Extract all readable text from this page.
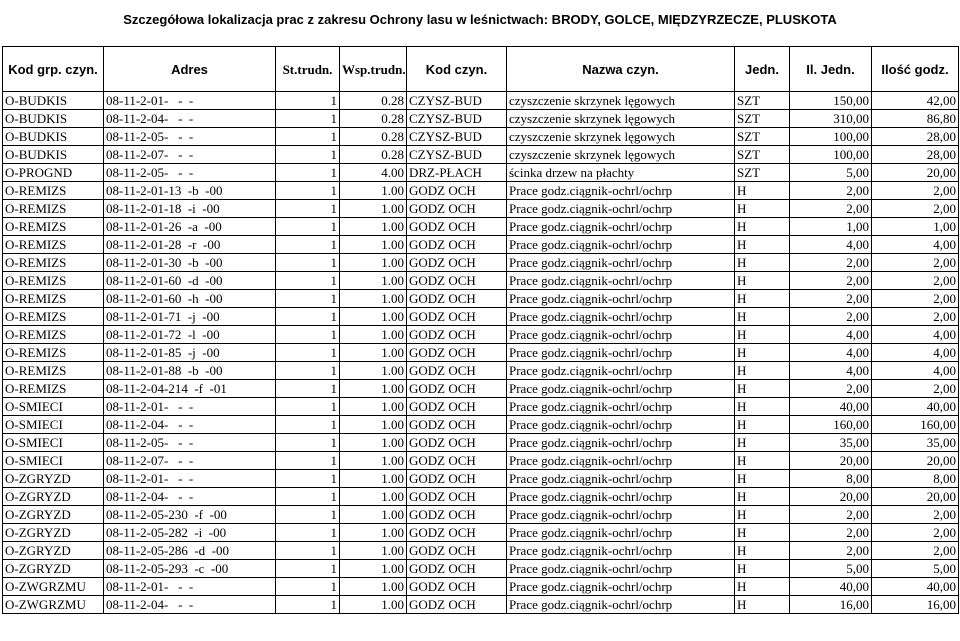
Szczegółowa lokalizacja prac z zakresu Ochrony lasu w leśnictwach: BRODY, GOLCE, MIĘDZYRZECZE, PLUSKOTA
Kod grp. czyn.	Adres	St.trudn.	Wsp.trudn.	Kod czyn.	Nazwa czyn.	Jedn.	Il. Jedn.	Ilość godz.
O-BUDKIS	08-11-2-01-   -  -	1	0.28	CZYSZ-BUD	czyszczenie skrzynek lęgowych	SZT	150,00	42,00
O-BUDKIS	08-11-2-04-   -  -	1	0.28	CZYSZ-BUD	czyszczenie skrzynek lęgowych	SZT	310,00	86,80
O-BUDKIS	08-11-2-05-   -  -	1	0.28	CZYSZ-BUD	czyszczenie skrzynek lęgowych	SZT	100,00	28,00
O-BUDKIS	08-11-2-07-   -  -	1	0.28	CZYSZ-BUD	czyszczenie skrzynek lęgowych	SZT	100,00	28,00
O-PROGND	08-11-2-05-   -  -	1	4.00	DRZ-PŁACH	ścinka drzew na płachty	SZT	5,00	20,00
O-REMIZS	08-11-2-01-13  -b  -00	1	1.00	GODZ OCH	Prace godz.ciągnik-ochrl/ochrp	H	2,00	2,00
O-REMIZS	08-11-2-01-18  -i  -00	1	1.00	GODZ OCH	Prace godz.ciągnik-ochrl/ochrp	H	2,00	2,00
O-REMIZS	08-11-2-01-26  -a  -00	1	1.00	GODZ OCH	Prace godz.ciągnik-ochrl/ochrp	H	1,00	1,00
O-REMIZS	08-11-2-01-28  -r  -00	1	1.00	GODZ OCH	Prace godz.ciągnik-ochrl/ochrp	H	4,00	4,00
O-REMIZS	08-11-2-01-30  -b  -00	1	1.00	GODZ OCH	Prace godz.ciągnik-ochrl/ochrp	H	2,00	2,00
O-REMIZS	08-11-2-01-60  -d  -00	1	1.00	GODZ OCH	Prace godz.ciągnik-ochrl/ochrp	H	2,00	2,00
O-REMIZS	08-11-2-01-60  -h  -00	1	1.00	GODZ OCH	Prace godz.ciągnik-ochrl/ochrp	H	2,00	2,00
O-REMIZS	08-11-2-01-71  -j  -00	1	1.00	GODZ OCH	Prace godz.ciągnik-ochrl/ochrp	H	2,00	2,00
O-REMIZS	08-11-2-01-72  -l  -00	1	1.00	GODZ OCH	Prace godz.ciągnik-ochrl/ochrp	H	4,00	4,00
O-REMIZS	08-11-2-01-85  -j  -00	1	1.00	GODZ OCH	Prace godz.ciągnik-ochrl/ochrp	H	4,00	4,00
O-REMIZS	08-11-2-01-88  -b  -00	1	1.00	GODZ OCH	Prace godz.ciągnik-ochrl/ochrp	H	4,00	4,00
O-REMIZS	08-11-2-04-214  -f  -01	1	1.00	GODZ OCH	Prace godz.ciągnik-ochrl/ochrp	H	2,00	2,00
O-SMIECI	08-11-2-01-   -  -	1	1.00	GODZ OCH	Prace godz.ciągnik-ochrl/ochrp	H	40,00	40,00
O-SMIECI	08-11-2-04-   -  -	1	1.00	GODZ OCH	Prace godz.ciągnik-ochrl/ochrp	H	160,00	160,00
O-SMIECI	08-11-2-05-   -  -	1	1.00	GODZ OCH	Prace godz.ciągnik-ochrl/ochrp	H	35,00	35,00
O-SMIECI	08-11-2-07-   -  -	1	1.00	GODZ OCH	Prace godz.ciągnik-ochrl/ochrp	H	20,00	20,00
O-ZGRYZD	08-11-2-01-   -  -	1	1.00	GODZ OCH	Prace godz.ciągnik-ochrl/ochrp	H	8,00	8,00
O-ZGRYZD	08-11-2-04-   -  -	1	1.00	GODZ OCH	Prace godz.ciągnik-ochrl/ochrp	H	20,00	20,00
O-ZGRYZD	08-11-2-05-230  -f  -00	1	1.00	GODZ OCH	Prace godz.ciągnik-ochrl/ochrp	H	2,00	2,00
O-ZGRYZD	08-11-2-05-282  -i  -00	1	1.00	GODZ OCH	Prace godz.ciągnik-ochrl/ochrp	H	2,00	2,00
O-ZGRYZD	08-11-2-05-286  -d  -00	1	1.00	GODZ OCH	Prace godz.ciągnik-ochrl/ochrp	H	2,00	2,00
O-ZGRYZD	08-11-2-05-293  -c  -00	1	1.00	GODZ OCH	Prace godz.ciągnik-ochrl/ochrp	H	5,00	5,00
O-ZWGRZMU	08-11-2-01-   -  -	1	1.00	GODZ OCH	Prace godz.ciągnik-ochrl/ochrp	H	40,00	40,00
O-ZWGRZMU	08-11-2-04-   -  -	1	1.00	GODZ OCH	Prace godz.ciągnik-ochrl/ochrp	H	16,00	16,00
